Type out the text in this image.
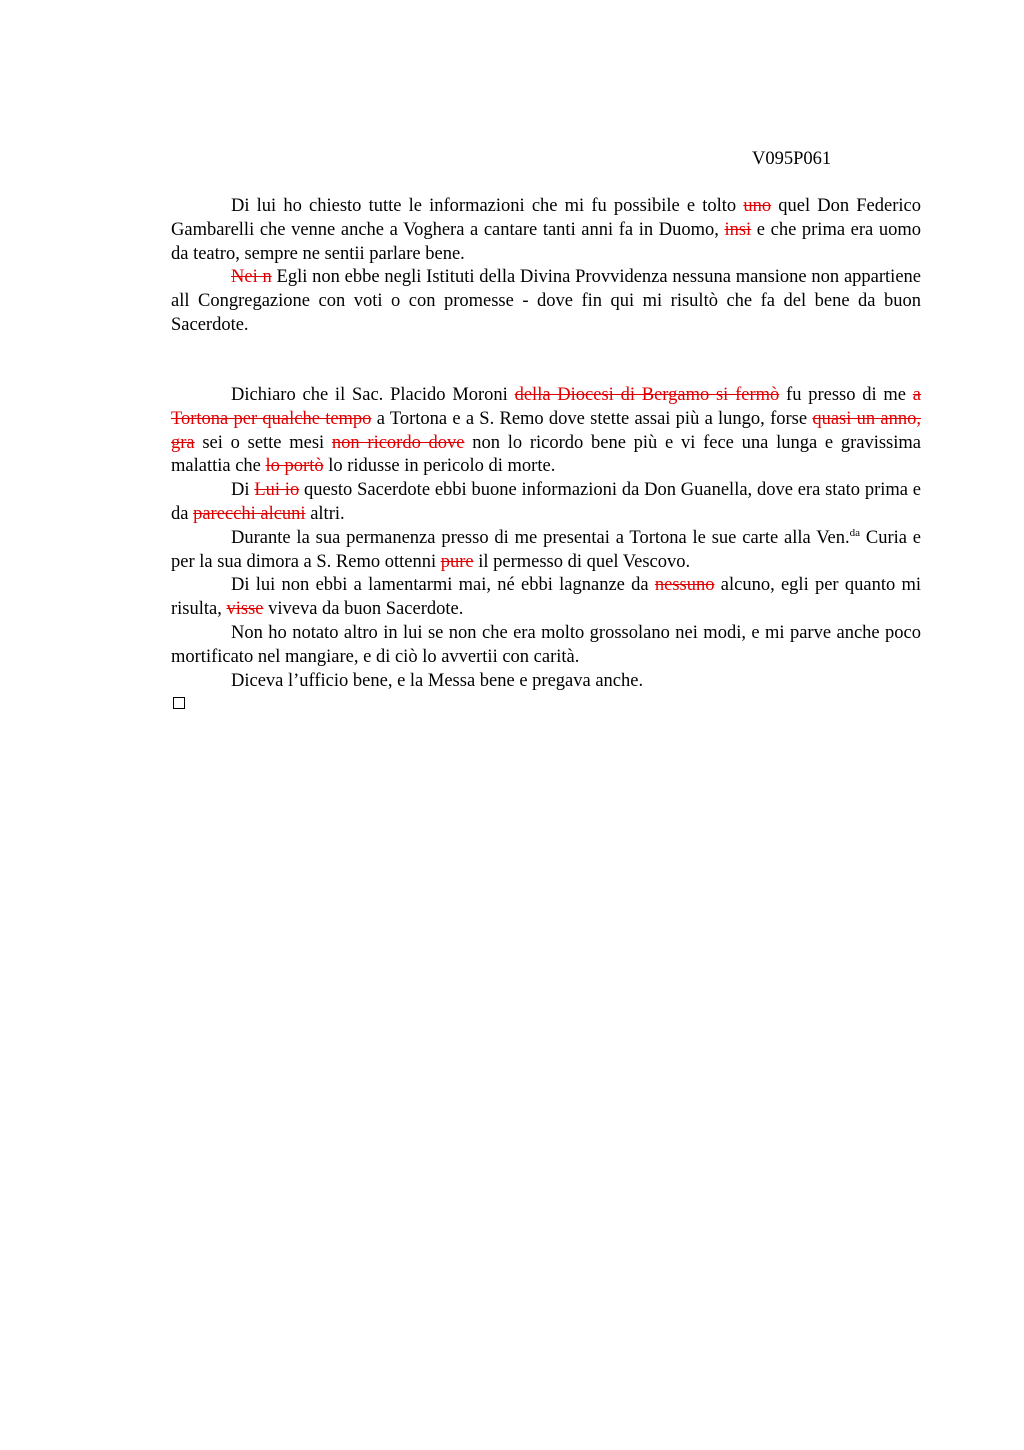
V095P061

Di lui ho chiesto tutte le informazioni che mi fu possibile e tolto uno quel Don Federico Gambarelli che venne anche a Voghera a cantare tanti anni fa in Duomo, insi e che prima era uomo da teatro, sempre ne sentii parlare bene.

Nei n Egli non ebbe negli Istituti della Divina Provvidenza nessuna mansione non appartiene all Congregazione con voti o con promesse - dove fin qui mi risultò che fa del bene da buon Sacerdote.

Dichiaro che il Sac. Placido Moroni della Diocesi di Bergamo si fermò fu presso di me a Tortona per qualche tempo a Tortona e a S. Remo dove stette assai più a lungo, forse quasi un anno, gra sei o sette mesi non ricordo dove non lo ricordo bene più e vi fece una lunga e gravissima malattia che lo portò lo ridusse in pericolo di morte.

Di Lui io questo Sacerdote ebbi buone informazioni da Don Guanella, dove era stato prima e da parecchi alcuni altri.

Durante la sua permanenza presso di me presentai a Tortona le sue carte alla Ven.$^{da}$ Curia e per la sua dimora a S. Remo ottenni pure il permesso di quel Vescovo.

Di lui non ebbi a lamentarmi mai, né ebbi lagnanze da nessuno alcuno, egli per quanto mi risulta, visse viveva da buon Sacerdote.

Non ho notato altro in lui se non che era molto grossolano nei modi, e mi parve anche poco mortificato nel mangiare, e di ciò lo avvertii con carità.

Diceva l’ufficio bene, e la Messa bene e pregava anche.
